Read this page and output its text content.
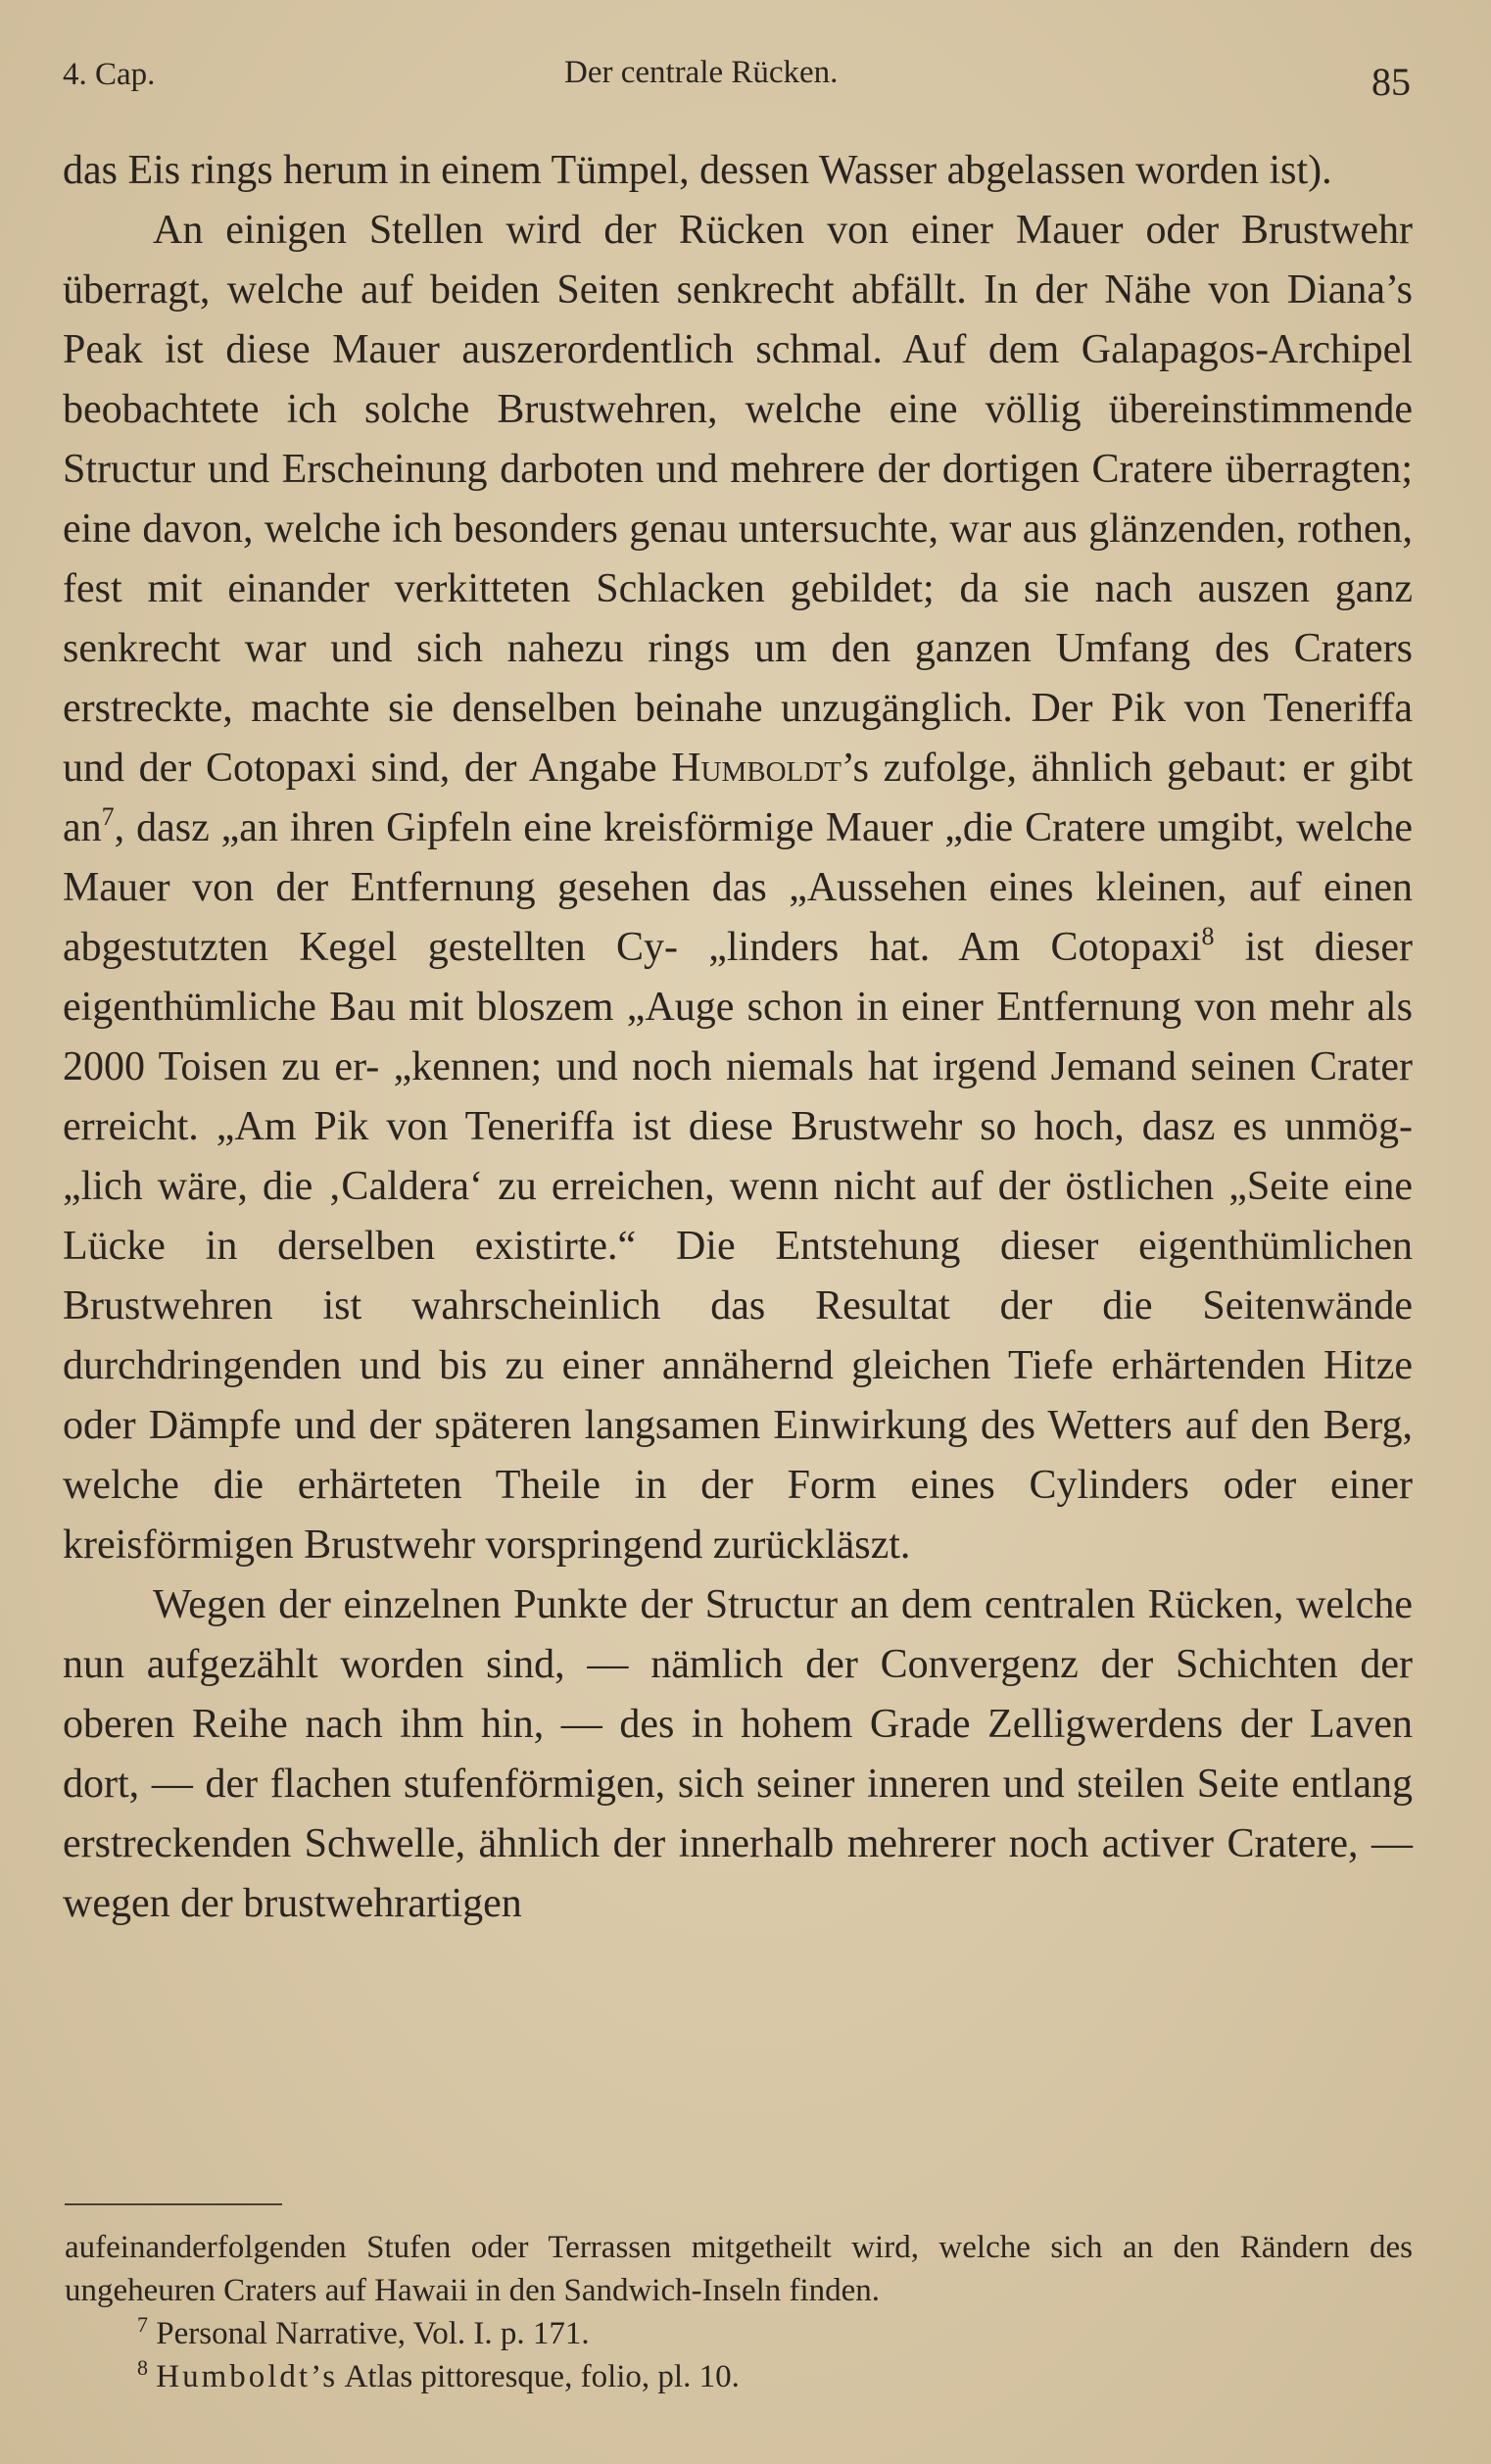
4. Cap.	Der centrale Rücken.	85

das Eis rings herum in einem Tümpel, dessen Wasser abgelassen worden ist).

An einigen Stellen wird der Rücken von einer Mauer oder Brustwehr überragt, welche auf beiden Seiten senkrecht abfällt. In der Nähe von Diana’s Peak ist diese Mauer auszerordentlich schmal. Auf dem Galapagos-Archipel beobachtete ich solche Brustwehren, welche eine völlig übereinstimmende Structur und Erscheinung darboten und mehrere der dortigen Cratere überragten; eine davon, welche ich besonders genau untersuchte, war aus glänzenden, rothen, fest mit einander verkitteten Schlacken gebildet; da sie nach auszen ganz senkrecht war und sich nahezu rings um den ganzen Umfang des Craters erstreckte, machte sie denselben beinahe unzugänglich. Der Pik von Teneriffa und der Cotopaxi sind, der Angabe Humboldt’s zufolge, ähnlich gebaut: er gibt $an^7$, dasz „an ihren Gipfeln eine kreisförmige Mauer „die Cratere umgibt, welche Mauer von der Entfernung gesehen das „Aussehen eines kleinen, auf einen abgestutzten Kegel gestellten Cy- „linders hat. Am Cotopaxi$^8$ ist dieser eigenthümliche Bau mit bloszem „Auge schon in einer Entfernung von mehr als 2000 Toisen zu er- „kennen; und noch niemals hat irgend Jemand seinen Crater erreicht. „Am Pik von Teneriffa ist diese Brustwehr so hoch, dasz es unmög- „lich wäre, die ‚Caldera‘ zu erreichen, wenn nicht auf der östlichen „Seite eine Lücke in derselben existirte.“ Die Entstehung dieser eigenthümlichen Brustwehren ist wahrscheinlich das Resultat der die Seitenwände durchdringenden und bis zu einer annähernd gleichen Tiefe erhärtenden Hitze oder Dämpfe und der späteren langsamen Einwirkung des Wetters auf den Berg, welche die erhärteten Theile in der Form eines Cylinders oder einer kreisförmigen Brustwehr vorspringend zurückläszt.

Wegen der einzelnen Punkte der Structur an dem centralen Rücken, welche nun aufgezählt worden sind, — nämlich der Convergenz der Schichten der oberen Reihe nach ihm hin, — des in hohem Grade Zelligwerdens der Laven dort, — der flachen stufenförmigen, sich seiner inneren und steilen Seite entlang erstreckenden Schwelle, ähnlich der innerhalb mehrerer noch activer Cratere, — wegen der brustwehrartigen

aufeinanderfolgenden Stufen oder Terrassen mitgetheilt wird, welche sich an den Rändern des ungeheuren Craters auf Hawaii in den Sandwich-Inseln finden.

$^7$ Personal Narrative, Vol. I. p. 171.

$^8$ Humboldt’s Atlas pittoresque, folio, pl. 10.
